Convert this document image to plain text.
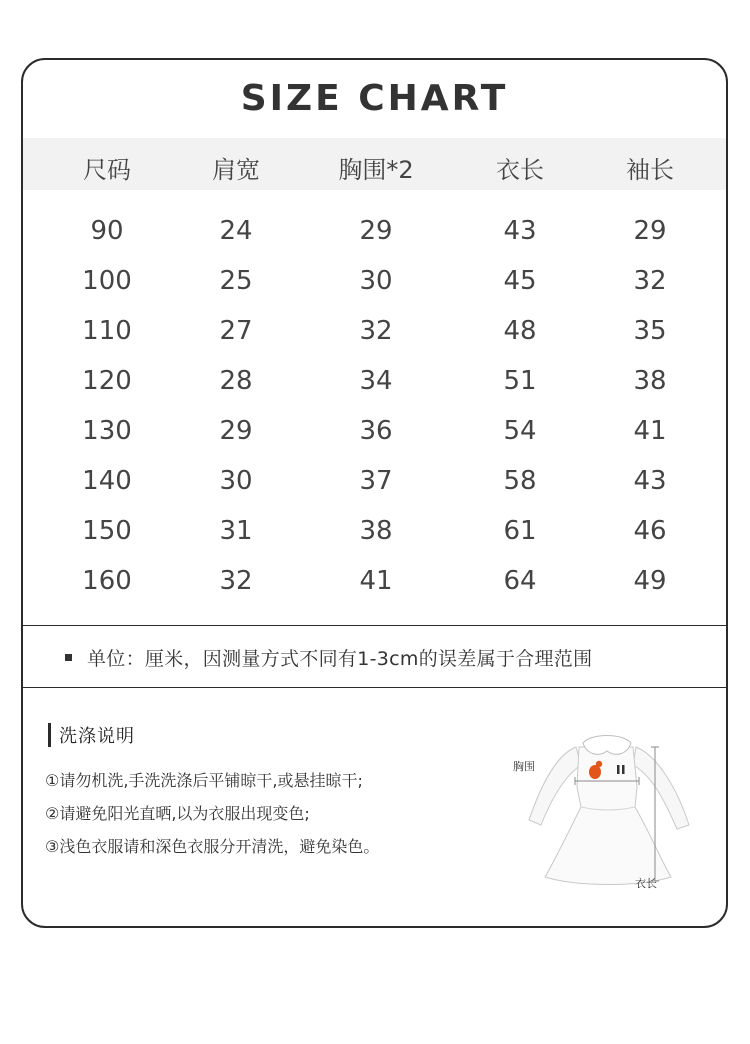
SIZE CHART
尺码	肩宽	胸围*2	衣长	袖长
90	24	29	43	29
100	25	30	45	32
110	27	32	48	35
120	28	34	51	38
130	29	36	54	41
140	30	37	58	43
150	31	38	61	46
160	32	41	64	49
单位：厘米，因测量方式不同有1-3cm的误差属于合理范围
洗涤说明
①请勿机洗,手洗洗涤后平铺晾干,或悬挂晾干;
②请避免阳光直晒,以为衣服出现变色;
③浅色衣服请和深色衣服分开清洗，避免染色。
胸围
衣长
